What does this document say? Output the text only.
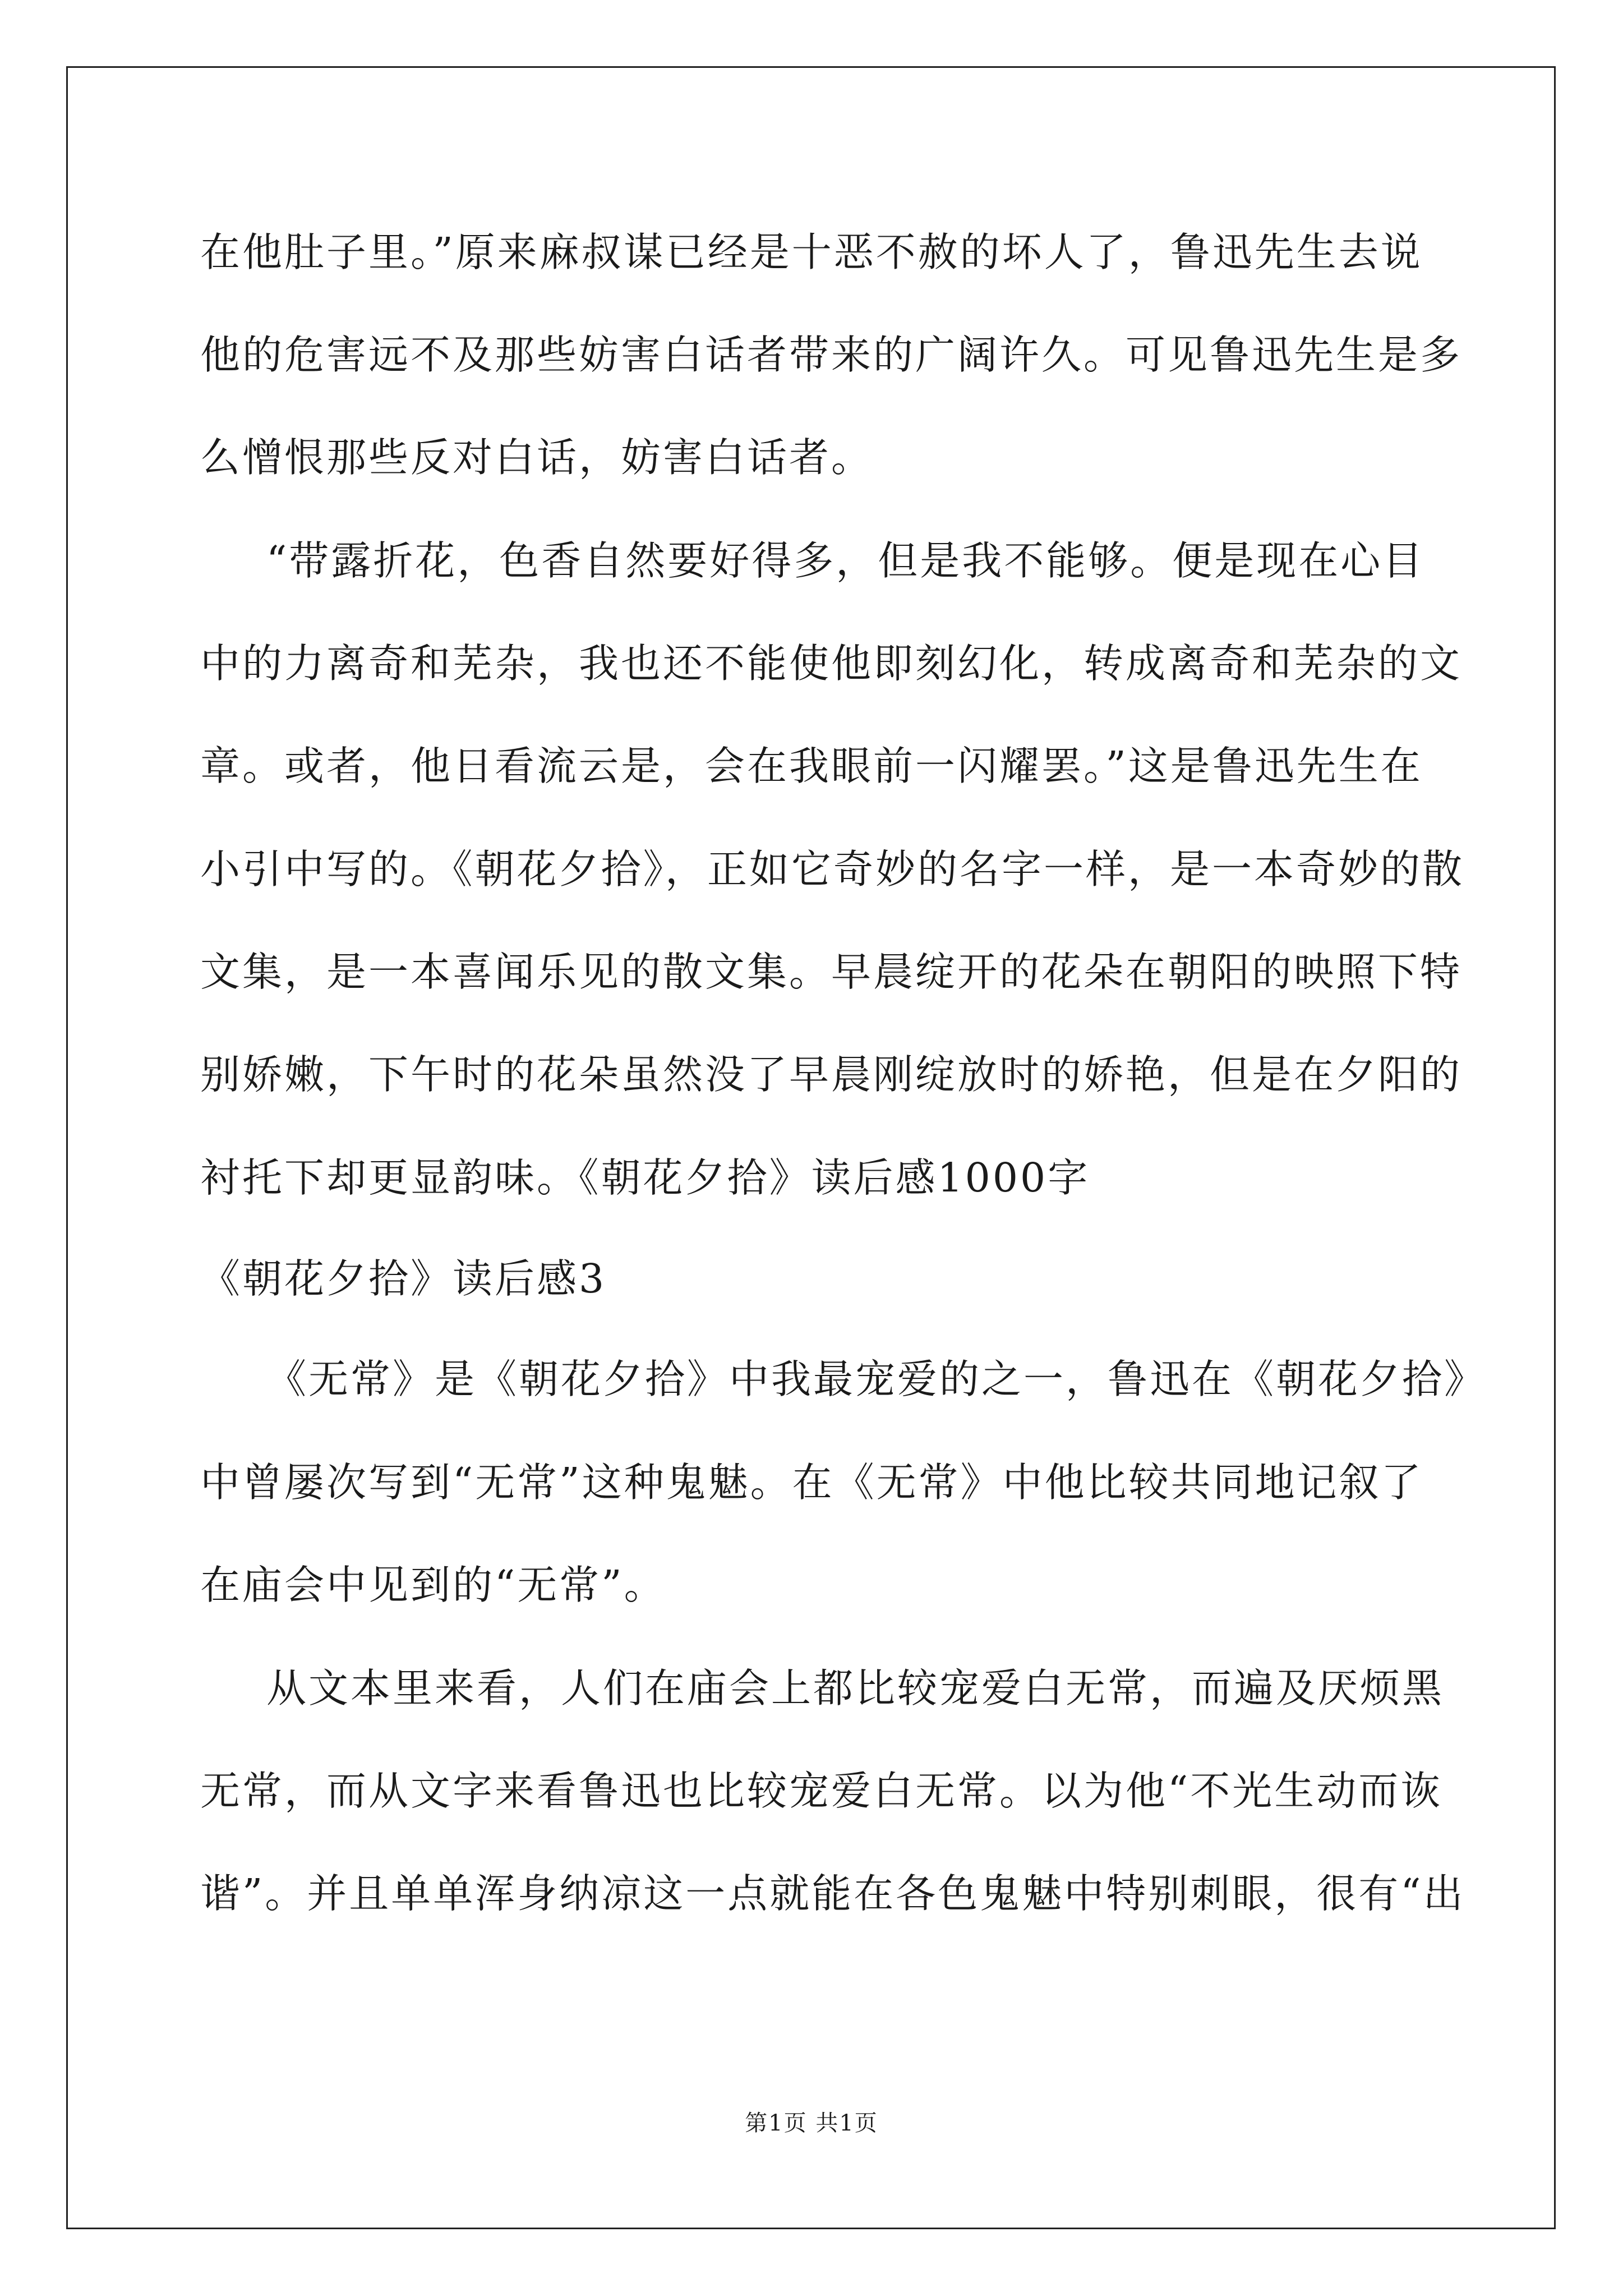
在他肚子里。”原来麻叔谋已经是十恶不赦的坏人了，鲁迅先生去说
他的危害远不及那些妨害白话者带来的广阔许久。可见鲁迅先生是多
么憎恨那些反对白话，妨害白话者。
“带露折花，色香自然要好得多，但是我不能够。便是现在心目
中的力离奇和芜杂，我也还不能使他即刻幻化，转成离奇和芜杂的文
章。或者，他日看流云是，会在我眼前一闪耀罢。”这是鲁迅先生在
小引中写的。《朝花夕拾》，正如它奇妙的名字一样，是一本奇妙的散
文集，是一本喜闻乐见的散文集。早晨绽开的花朵在朝阳的映照下特
别娇嫩，下午时的花朵虽然没了早晨刚绽放时的娇艳，但是在夕阳的
衬托下却更显韵味。《朝花夕拾》读后感1000字
《朝花夕拾》读后感3
《无常》是《朝花夕拾》中我最宠爱的之一，鲁迅在《朝花夕拾》
中曾屡次写到“无常”这种鬼魅。在《无常》中他比较共同地记叙了
在庙会中见到的“无常”。
从文本里来看，人们在庙会上都比较宠爱白无常，而遍及厌烦黑
无常，而从文字来看鲁迅也比较宠爱白无常。以为他“不光生动而诙
谐”。并且单单浑身纳凉这一点就能在各色鬼魅中特别刺眼，很有“出
第1页 共1页
